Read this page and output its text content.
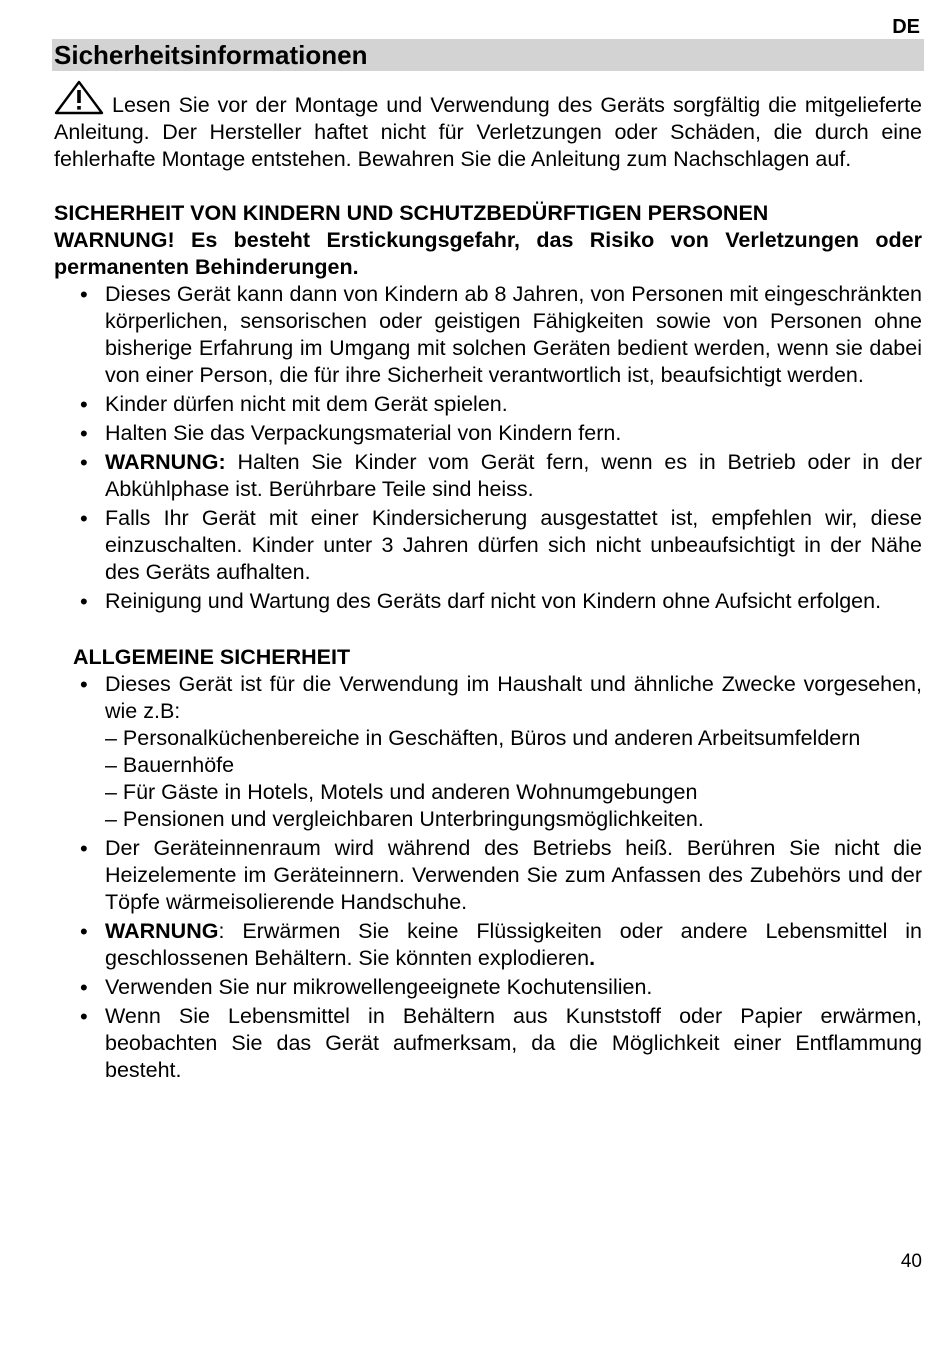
DE
Sicherheitsinformationen

Lesen Sie vor der Montage und Verwendung des Geräts sorgfältig die mitgelieferte Anleitung. Der Hersteller haftet nicht für Verletzungen oder Schäden, die durch eine fehlerhafte Montage entstehen. Bewahren Sie die Anleitung zum Nachschlagen auf.

SICHERHEIT VON KINDERN UND SCHUTZBEDÜRFTIGEN PERSONEN

WARNUNG! Es besteht Erstickungsgefahr, das Risiko von Verletzungen oder permanenten Behinderungen.

• Dieses Gerät kann dann von Kindern ab 8 Jahren, von Personen mit eingeschränkten körperlichen, sensorischen oder geistigen Fähigkeiten sowie von Personen ohne bisherige Erfahrung im Umgang mit solchen Geräten bedient werden, wenn sie dabei von einer Person, die für ihre Sicherheit verantwortlich ist, beaufsichtigt werden.
• Kinder dürfen nicht mit dem Gerät spielen.
• Halten Sie das Verpackungsmaterial von Kindern fern.
• WARNUNG: Halten Sie Kinder vom Gerät fern, wenn es in Betrieb oder in der Abkühlphase ist. Berührbare Teile sind heiss.
• Falls Ihr Gerät mit einer Kindersicherung ausgestattet ist, empfehlen wir, diese einzuschalten. Kinder unter 3 Jahren dürfen sich nicht unbeaufsichtigt in der Nähe des Geräts aufhalten.
• Reinigung und Wartung des Geräts darf nicht von Kindern ohne Aufsicht erfolgen.

ALLGEMEINE SICHERHEIT

• Dieses Gerät ist für die Verwendung im Haushalt und ähnliche Zwecke vorgesehen, wie z.B:
– Personalküchenbereiche in Geschäften, Büros und anderen Arbeitsumfeldern
– Bauernhöfe
– Für Gäste in Hotels, Motels und anderen Wohnumgebungen
– Pensionen und vergleichbaren Unterbringungsmöglichkeiten.
• Der Geräteinnenraum wird während des Betriebs heiß. Berühren Sie nicht die Heizelemente im Geräteinnern. Verwenden Sie zum Anfassen des Zubehörs und der Töpfe wärmeisolierende Handschuhe.
• WARNUNG: Erwärmen Sie keine Flüssigkeiten oder andere Lebensmittel in geschlossenen Behältern. Sie könnten explodieren.
• Verwenden Sie nur mikrowellengeeignete Kochutensilien.
• Wenn Sie Lebensmittel in Behältern aus Kunststoff oder Papier erwärmen, beobachten Sie das Gerät aufmerksam, da die Möglichkeit einer Entflammung besteht.
40
